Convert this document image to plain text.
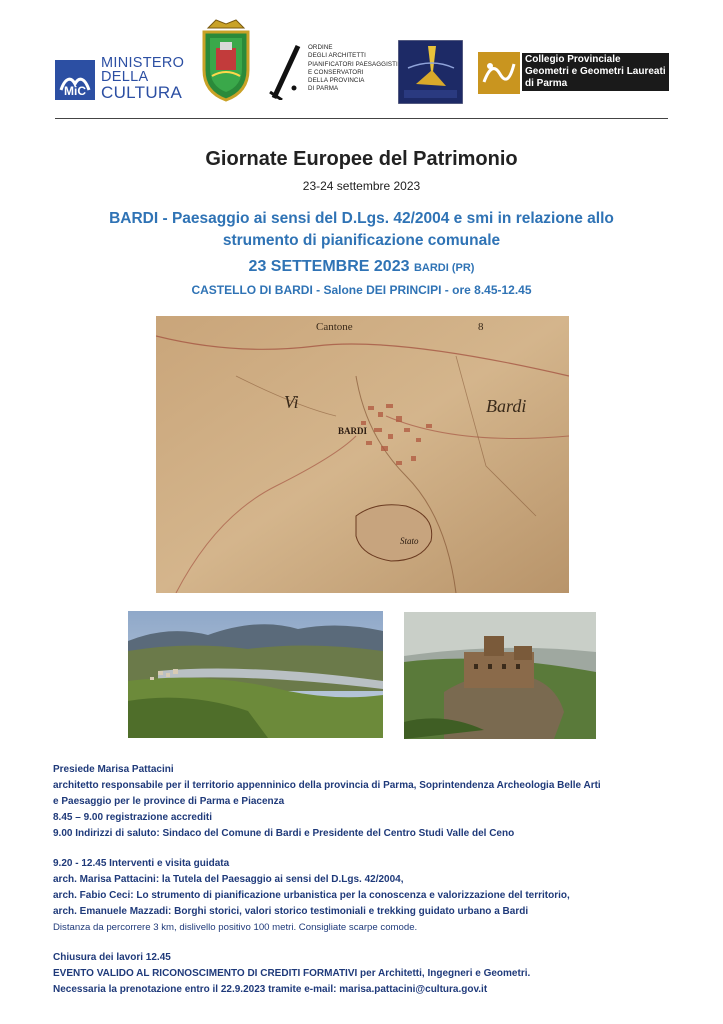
MiC
MINISTERO
DELLA
CULTURA
ORDINE
DEGLI ARCHITETTI
PIANIFICATORI PAESAGGISTI
E CONSERVATORI
DELLA PROVINCIA
DI PARMA
Collegio Provinciale
Geometri e Geometri Laureati
di Parma
Giornate Europee del Patrimonio
23-24 settembre 2023
BARDI - Paesaggio ai sensi del D.Lgs. 42/2004 e smi in relazione allo
strumento di pianificazione comunale
23 SETTEMBRE 2023 BARDI (PR)
CASTELLO DI BARDI - Salone DEI PRINCIPI - ore 8.45-12.45
Cantone	8
Vi
BARDI
Bardi
Stato

Presiede Marisa Pattacini

architetto responsabile per il territorio appenninico della provincia di Parma, Soprintendenza Archeologia Belle Arti

e Paesaggio per le province di Parma e Piacenza

8.45 – 9.00 registrazione accrediti

9.00 Indirizzi di saluto: Sindaco del Comune di Bardi e Presidente del Centro Studi Valle del Ceno

9.20 - 12.45 Interventi e visita guidata

arch. Marisa Pattacini: la Tutela del Paesaggio ai sensi del D.Lgs. 42/2004,

arch. Fabio Ceci: Lo strumento di pianificazione urbanistica per la conoscenza e valorizzazione del territorio,

arch. Emanuele Mazzadi: Borghi storici, valori storico testimoniali e trekking guidato urbano a Bardi

Distanza da percorrere 3 km, dislivello positivo 100 metri. Consigliate scarpe comode.

Chiusura dei lavori 12.45

EVENTO VALIDO AL RICONOSCIMENTO DI CREDITI FORMATIVI per Architetti, Ingegneri e Geometri.

Necessaria la prenotazione entro il 22.9.2023 tramite e-mail: marisa.pattacini@cultura.gov.it
